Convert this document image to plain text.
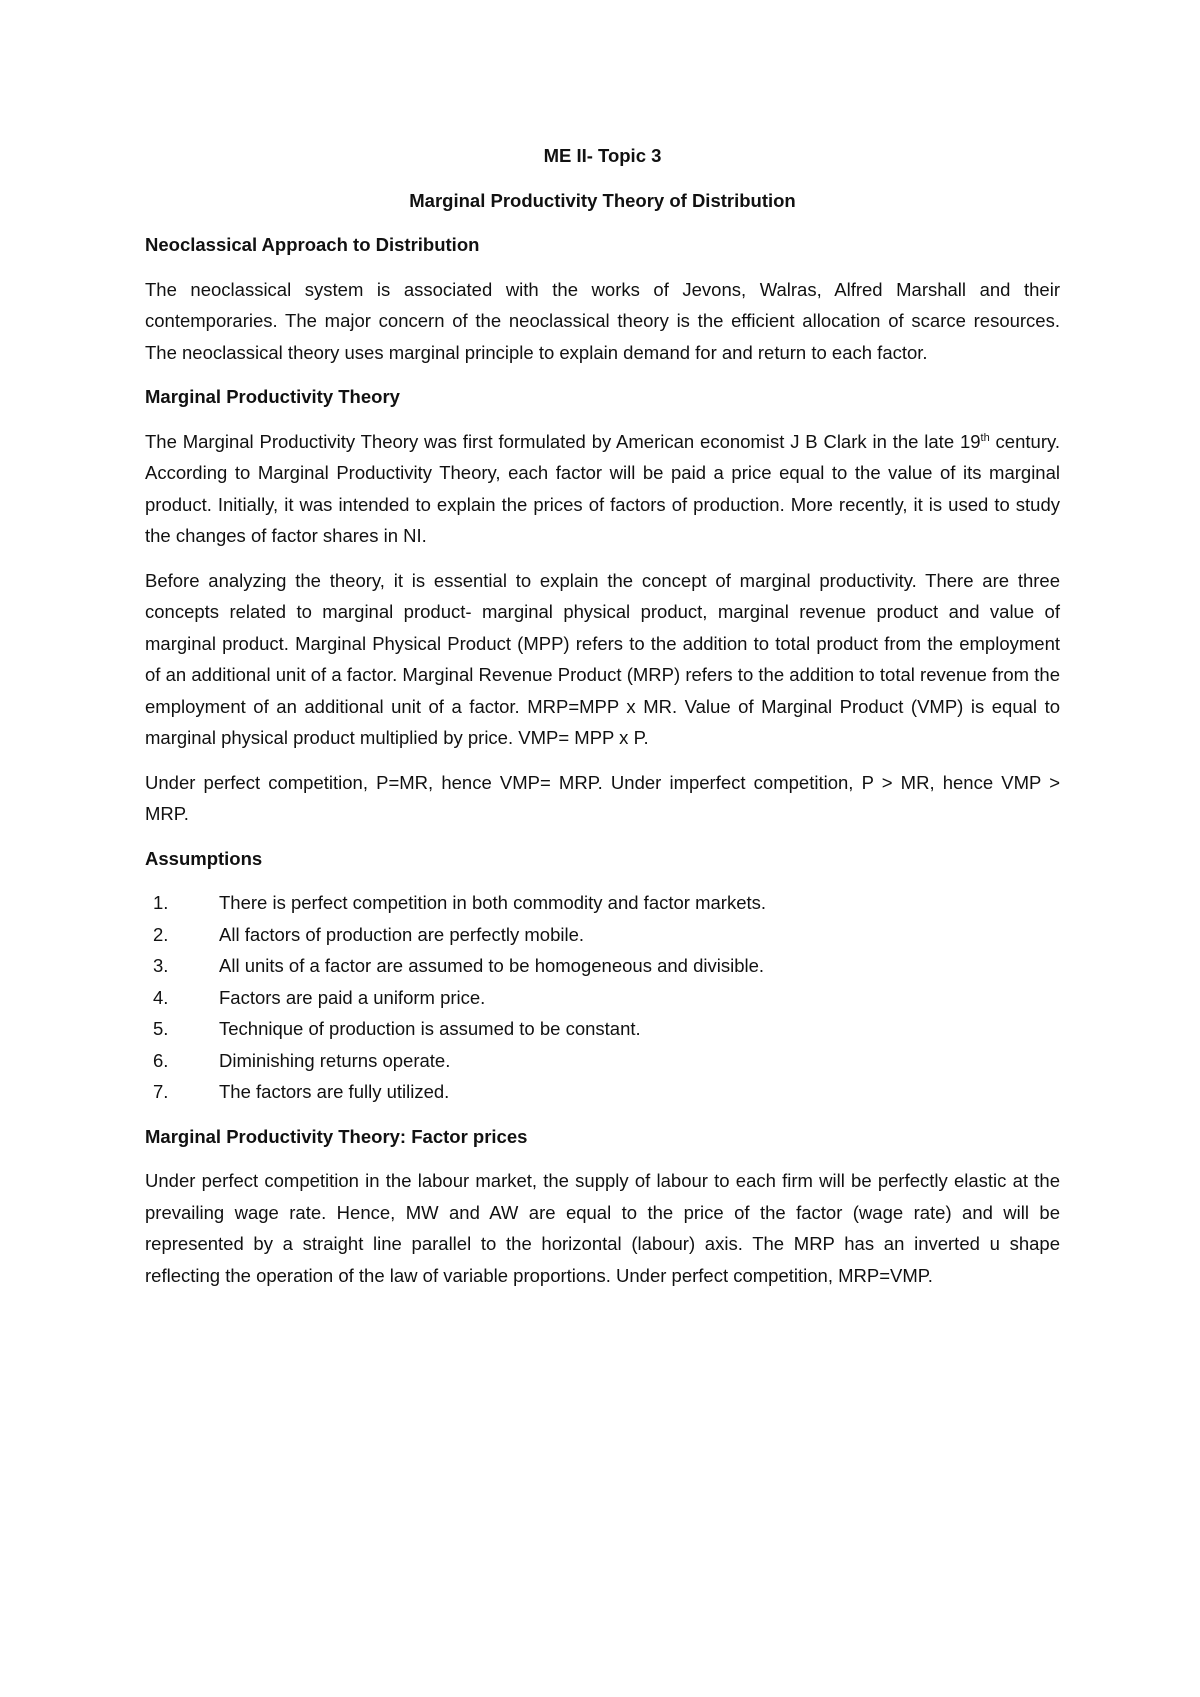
ME II- Topic 3
Marginal Productivity Theory of Distribution
Neoclassical Approach to Distribution

The neoclassical system is associated with the works of Jevons, Walras, Alfred Marshall and their contemporaries. The major concern of the neoclassical theory is the efficient allocation of scarce resources. The neoclassical theory uses marginal principle to explain demand for and return to each factor.

Marginal Productivity Theory

The Marginal Productivity Theory was first formulated by American economist J B Clark in the late 19th century. According to Marginal Productivity Theory, each factor will be paid a price equal to the value of its marginal product. Initially, it was intended to explain the prices of factors of production. More recently, it is used to study the changes of factor shares in NI.

Before analyzing the theory, it is essential to explain the concept of marginal productivity. There are three concepts related to marginal product- marginal physical product, marginal revenue product and value of marginal product. Marginal Physical Product (MPP) refers to the addition to total product from the employment of an additional unit of a factor. Marginal Revenue Product (MRP) refers to the addition to total revenue from the employment of an additional unit of a factor. MRP=MPP x MR. Value of Marginal Product (VMP) is equal to marginal physical product multiplied by price. VMP= MPP x P.

Under perfect competition, P=MR, hence VMP= MRP. Under imperfect competition, P > MR, hence VMP > MRP.

Assumptions
1.	There is perfect competition in both commodity and factor markets.
2.	All factors of production are perfectly mobile.
3.	All units of a factor are assumed to be homogeneous and divisible.
4.	Factors are paid a uniform price.
5.	Technique of production is assumed to be constant.
6.	Diminishing returns operate.
7.	The factors are fully utilized.
Marginal Productivity Theory: Factor prices

Under perfect competition in the labour market, the supply of labour to each firm will be perfectly elastic at the prevailing wage rate. Hence, MW and AW are equal to the price of the factor (wage rate) and will be represented by a straight line parallel to the horizontal (labour) axis. The MRP has an inverted u shape reflecting the operation of the law of variable proportions. Under perfect competition, MRP=VMP.
